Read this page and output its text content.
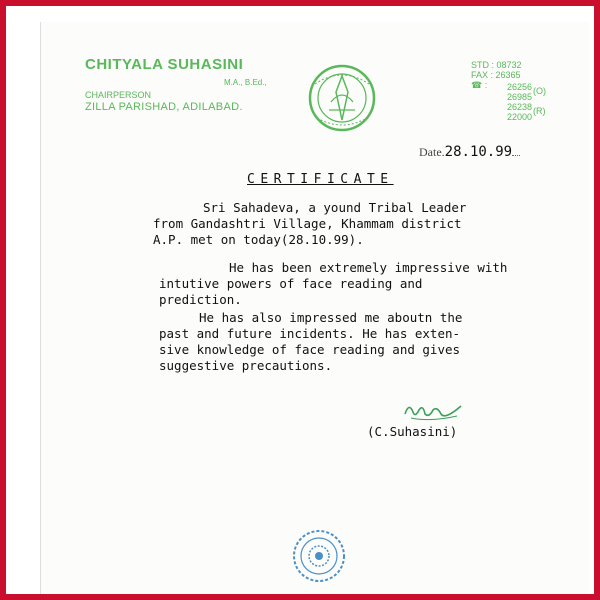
CHITYALA SUHASINI
M.A., B.Ed.,
CHAIRPERSON
ZILLA PARISHAD, ADILABAD.
STD : 08732
FAX : 26365
☎ :	26256
26985
26238
22000
(O)
(R)
Date.28.10.99
CERTIFICATE
Sri Sahadeva, a yound Tribal Leader
from Gandashtri Village, Khammam district
A.P. met on today(28.10.99).
He has been extremely impressive with
intutive powers of face reading and
prediction.
He has also impressed me aboutn the
past and future incidents. He has exten-
sive knowledge of face reading and gives
suggestive precautions.
(C.Suhasini)
